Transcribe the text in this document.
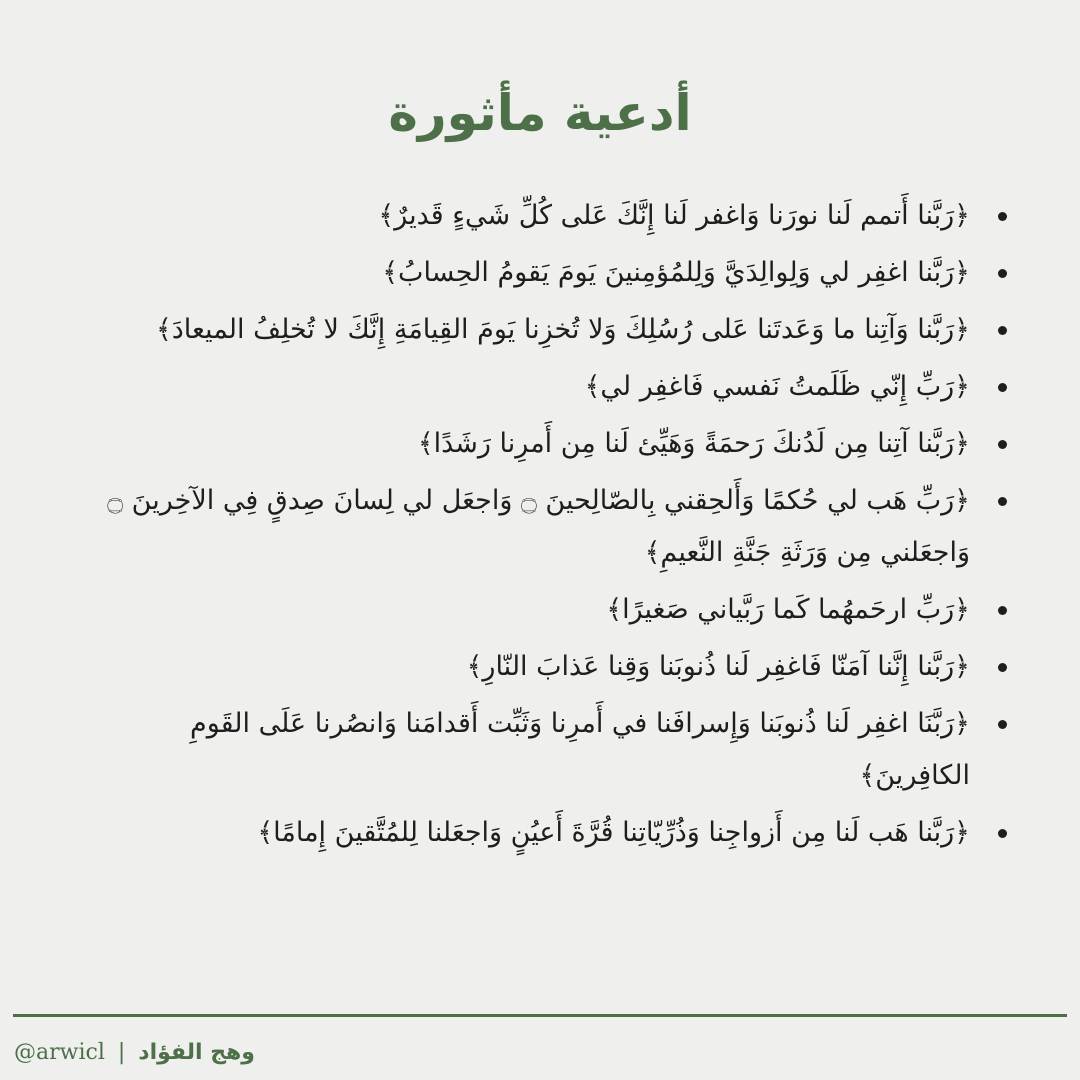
أدعية مأثورة
﴿رَبَّنا أَتمم لَنا نورَنا وَاغفر لَنا إِنَّكَ عَلى كُلِّ شَيءٍ قَديرٌ﴾
﴿رَبَّنا اغفِر لي وَلِوالِدَيَّ وَلِلمُؤمِنينَ يَومَ يَقومُ الحِسابُ﴾
﴿رَبَّنا وَآتِنا ما وَعَدتَنا عَلى رُسُلِكَ وَلا تُخزِنا يَومَ القِيامَةِ إِنَّكَ لا تُخلِفُ الميعادَ﴾
﴿رَبِّ إِنّي ظَلَمتُ نَفسي فَاغفِر لي﴾
﴿رَبَّنا آتِنا مِن لَدُنكَ رَحمَةً وَهَيِّئ لَنا مِن أَمرِنا رَشَدًا﴾
﴿رَبِّ هَب لي حُكمًا وَأَلحِقني بِالصّالِحينَ ۝ وَاجعَل لي لِسانَ صِدقٍ فِي الآخِرينَ ۝ وَاجعَلني مِن وَرَثَةِ جَنَّةِ النَّعيمِ﴾
﴿رَبِّ ارحَمهُما كَما رَبَّياني صَغيرًا﴾
﴿رَبَّنا إِنَّنا آمَنّا فَاغفِر لَنا ذُنوبَنا وَقِنا عَذابَ النّارِ﴾
﴿رَبَّنَا اغفِر لَنا ذُنوبَنا وَإِسرافَنا في أَمرِنا وَثَبِّت أَقدامَنا وَانصُرنا عَلَى القَومِ الكافِرينَ﴾
﴿رَبَّنا هَب لَنا مِن أَزواجِنا وَذُرِّيّاتِنا قُرَّةَ أَعيُنٍ وَاجعَلنا لِلمُتَّقينَ إِمامًا﴾
@arwicl | وهج الفؤاد
